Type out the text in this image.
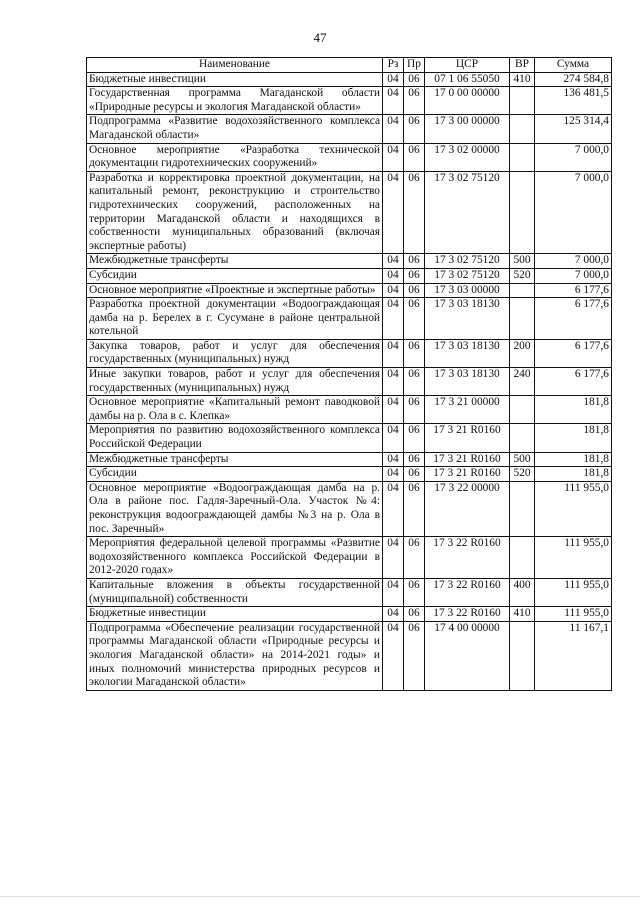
47
Наименование	Рз	Пр	ЦСР	ВР	Сумма
Бюджетные инвестиции	04	06	07 1 06 55050	410	274 584,8
Государственная программа Магаданской области «Природные ресурсы и экология Магаданской области»	04	06	17 0 00 00000		136 481,5
Подпрограмма «Развитие водохозяйственного комплекса Магаданской области»	04	06	17 3 00 00000		125 314,4
Основное мероприятие «Разработка технической документации гидротехнических сооружений»	04	06	17 3 02 00000		7 000,0
Разработка и корректировка проектной документации, на капитальный ремонт, реконструкцию и строительство гидротехнических сооружений, расположенных на территории Магаданской области и находящихся в собственности муниципальных образований (включая экспертные работы)	04	06	17 3 02 75120		7 000,0
Межбюджетные трансферты	04	06	17 3 02 75120	500	7 000,0
Субсидии	04	06	17 3 02 75120	520	7 000,0
Основное мероприятие «Проектные и экспертные работы»	04	06	17 3 03 00000		6 177,6
Разработка проектной документации «Водоограждающая дамба на р. Берелех в г. Сусумане в районе центральной котельной	04	06	17 3 03 18130		6 177,6
Закупка товаров, работ и услуг для обеспечения государственных (муниципальных) нужд	04	06	17 3 03 18130	200	6 177,6
Иные закупки товаров, работ и услуг для обеспечения государственных (муниципальных) нужд	04	06	17 3 03 18130	240	6 177,6
Основное мероприятие «Капитальный ремонт паводковой дамбы на р. Ола в с. Клепка»	04	06	17 3 21 00000		181,8
Мероприятия по развитию водохозяйственного комплекса Российской Федерации	04	06	17 3 21 R0160		181,8
Межбюджетные трансферты	04	06	17 3 21 R0160	500	181,8
Субсидии	04	06	17 3 21 R0160	520	181,8
Основное мероприятие «Водоограждающая дамба на р. Ола в районе пос. Гадля-Заречный-Ола. Участок №4: реконструкция водоограждающей дамбы №3 на р. Ола в пос. Заречный»	04	06	17 3 22 00000		111 955,0
Мероприятия федеральной целевой программы «Развитие водохозяйственного комплекса Российской Федерации в 2012-2020 годах»	04	06	17 3 22 R0160		111 955,0
Капитальные вложения в объекты государственной (муниципальной) собственности	04	06	17 3 22 R0160	400	111 955,0
Бюджетные инвестиции	04	06	17 3 22 R0160	410	111 955,0
Подпрограмма «Обеспечение реализации государственной программы Магаданской области «Природные ресурсы и экология Магаданской области» на 2014-2021 годы» и иных полномочий министерства природных ресурсов и экологии Магаданской области»	04	06	17 4 00 00000		11 167,1
